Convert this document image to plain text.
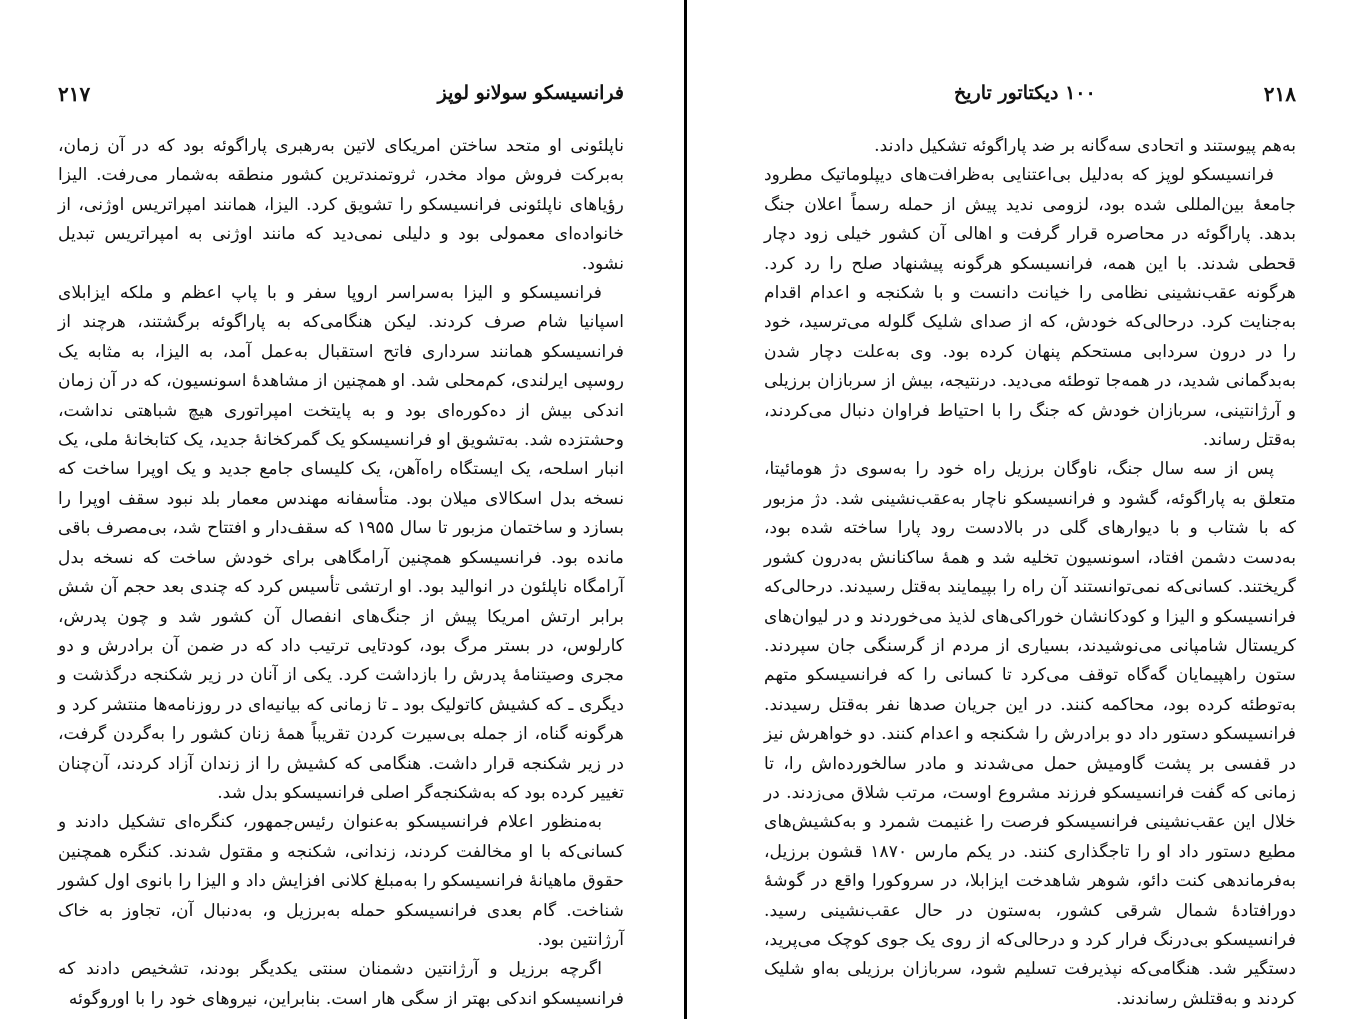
۲۱۷	فرانسیسکو سولانو لوپز

ناپلئونی او متحد ساختن امریکای لاتین به‌رهبری پاراگوئه بود که در آن زمان، به‌برکت فروش مواد مخدر، ثروتمندترین کشور منطقه به‌شمار می‌رفت. الیزا رؤیاهای ناپلئونی فرانسیسکو را تشویق کرد. الیزا، همانند امپراتریس اوژنی، از خانواده‌ای معمولی بود و دلیلی نمی‌دید که مانند اوژنی به امپراتریس تبدیل نشود.

فرانسیسکو و الیزا به‌سراسر اروپا سفر و با پاپ اعظم و ملکه ایزابلای اسپانیا شام صرف کردند. لیکن هنگامی‌که به پاراگوئه برگشتند، هرچند از فرانسیسکو همانند سرداری فاتح استقبال به‌عمل آمد، به الیزا، به مثابه یک روسپی ایرلندی، کم‌محلی شد. او همچنین از مشاهدهٔ اسونسیون، که در آن زمان اندکی بیش از ده‌کوره‌ای بود و به پایتخت امپراتوری هیچ شباهتی نداشت، وحشتزده شد. به‌تشویق او فرانسیسکو یک گمرکخانهٔ جدید، یک کتابخانهٔ ملی، یک انبار اسلحه، یک ایستگاه راه‌آهن، یک کلیسای جامع جدید و یک اوپرا ساخت که نسخه بدل اسکالای میلان بود. متأسفانه مهندس معمار بلد نبود سقف اوپرا را بسازد و ساختمان مزبور تا سال ۱۹۵۵ که سقف‌دار و افتتاح شد، بی‌مصرف باقی مانده بود. فرانسیسکو همچنین آرامگاهی برای خودش ساخت که نسخه بدل آرامگاه ناپلئون در انوالید بود. او ارتشی تأسیس کرد که چندی بعد حجم آن شش برابر ارتش امریکا پیش از جنگ‌های انفصال آن کشور شد و چون پدرش، کارلوس، در بستر مرگ بود، کودتایی ترتیب داد که در ضمن آن برادرش و دو مجری وصیتنامهٔ پدرش را بازداشت کرد. یکی از آنان در زیر شکنجه درگذشت و دیگری ـ که کشیش کاتولیک بود ـ تا زمانی که بیانیه‌ای در روزنامه‌ها منتشر کرد و هرگونه گناه، از جمله بی‌سیرت کردن تقریباً همهٔ زنان کشور را به‌گردن گرفت، در زیر شکنجه قرار داشت. هنگامی که کشیش را از زندان آزاد کردند، آن‌چنان تغییر کرده بود که به‌شکنجه‌گر اصلی فرانسیسکو بدل شد.

به‌منظور اعلام فرانسیسکو به‌عنوان رئیس‌جمهور، کنگره‌ای تشکیل دادند و کسانی‌که با او مخالفت کردند، زندانی، شکنجه و مقتول شدند. کنگره همچنین حقوق ماهیانهٔ فرانسیسکو را به‌مبلغ کلانی افزایش داد و الیزا را بانوی اول کشور شناخت. گام بعدی فرانسیسکو حمله به‌برزیل و، به‌دنبال آن، تجاوز به خاک آرژانتین بود.

اگرچه برزیل و آرژانتین دشمنان سنتی یکدیگر بودند، تشخیص دادند که فرانسیسکو اندکی بهتر از سگی هار است. بنابراین، نیروهای خود را با اوروگوئه

۲۱۸
۱۰۰ دیکتاتور تاریخ

به‌هم پیوستند و اتحادی سه‌گانه بر ضد پاراگوئه تشکیل دادند.

فرانسیسکو لوپز که به‌دلیل بی‌اعتنایی به‌ظرافت‌های دیپلوماتیک مطرود جامعهٔ بین‌المللی شده بود، لزومی ندید پیش از حمله رسماً اعلان جنگ بدهد. پاراگوئه در محاصره قرار گرفت و اهالی آن کشور خیلی زود دچار قحطی شدند. با این همه، فرانسیسکو هرگونه پیشنهاد صلح را رد کرد. هرگونه عقب‌نشینی نظامی را خیانت دانست و با شکنجه و اعدام اقدام به‌جنایت کرد. درحالی‌که خودش، که از صدای شلیک گلوله می‌ترسید، خود را در درون سردابی مستحکم پنهان کرده بود. وی به‌علت دچار شدن به‌بدگمانی شدید، در همه‌جا توطئه می‌دید. درنتیجه، بیش از سربازان برزیلی و آرژانتینی، سربازان خودش که جنگ را با احتیاط فراوان دنبال می‌کردند، به‌قتل رساند.

پس از سه سال جنگ، ناوگان برزیل راه خود را به‌سوی دژ هومائیتا، متعلق به پاراگوئه، گشود و فرانسیسکو ناچار به‌عقب‌نشینی شد. دژ مزبور که با شتاب و با دیوارهای گلی در بالادست رود پارا ساخته شده بود، به‌دست دشمن افتاد، اسونسیون تخلیه شد و همهٔ ساکنانش به‌درون کشور گریختند. کسانی‌که نمی‌توانستند آن راه را بپیمایند به‌قتل رسیدند. درحالی‌که فرانسیسکو و الیزا و کودکانشان خوراکی‌های لذیذ می‌خوردند و در لیوان‌های کریستال شامپانی می‌نوشیدند، بسیاری از مردم از گرسنگی جان سپردند. ستون راهپیمایان گه‌گاه توقف می‌کرد تا کسانی را که فرانسیسکو متهم به‌توطئه کرده بود، محاکمه کنند. در این جریان صدها نفر به‌قتل رسیدند. فرانسیسکو دستور داد دو برادرش را شکنجه و اعدام کنند. دو خواهرش نیز در قفسی بر پشت گاومیش حمل می‌شدند و مادر سالخورده‌اش را، تا زمانی که گفت فرانسیسکو فرزند مشروع اوست، مرتب شلاق می‌زدند. در خلال این عقب‌نشینی فرانسیسکو فرصت را غنیمت شمرد و به‌کشیش‌های مطیع دستور داد او را تاجگذاری کنند. در یکم مارس ۱۸۷۰ قشون برزیل، به‌فرماندهی کنت دائو، شوهر شاهدخت ایزابلا، در سروکورا واقع در گوشهٔ دورافتادهٔ شمال شرقی کشور، به‌ستون در حال عقب‌نشینی رسید. فرانسیسکو بی‌درنگ فرار کرد و درحالی‌که از روی یک جوی کوچک می‌پرید، دستگیر شد. هنگامی‌که نپذیرفت تسلیم شود، سربازان برزیلی به‌او شلیک کردند و به‌قتلش رساندند.
